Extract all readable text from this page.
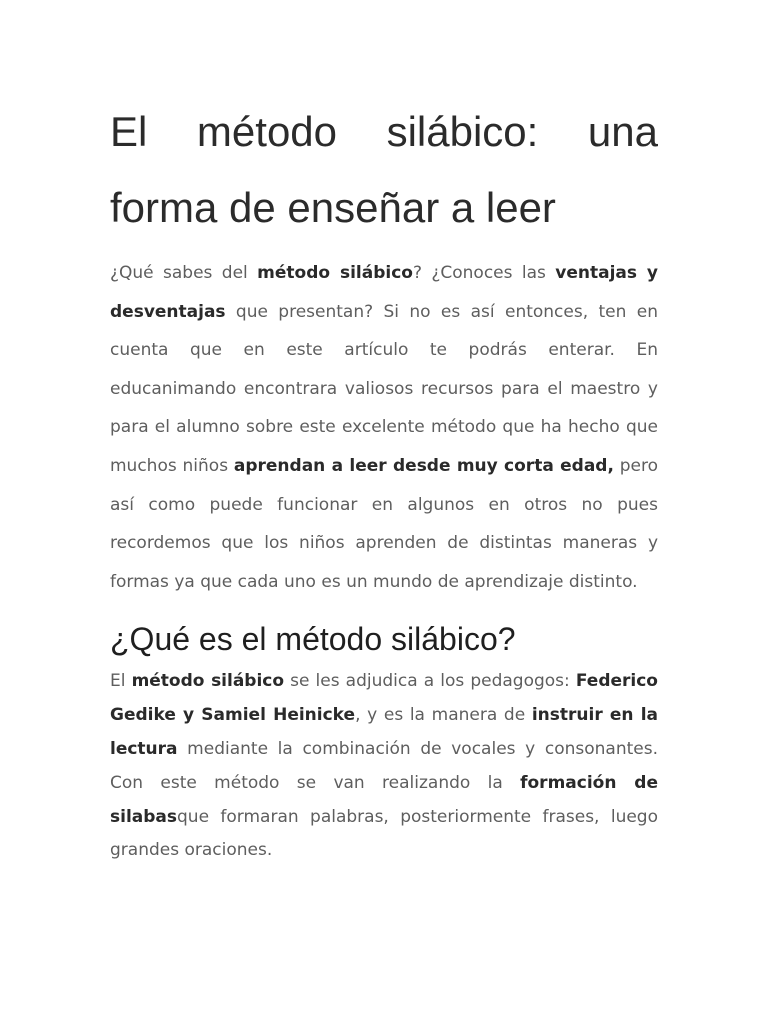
El método silábico: una forma de enseñar a leer

¿Qué sabes del método silábico? ¿Conoces las ventajas y desventajas que presentan? Si no es así entonces, ten en cuenta que en este artículo te podrás enterar. En educanimando encontrara valiosos recursos para el maestro y para el alumno sobre este excelente método que ha hecho que muchos niños aprendan a leer desde muy corta edad, pero así como puede funcionar en algunos en otros no pues recordemos que los niños aprenden de distintas maneras y formas ya que cada uno es un mundo de aprendizaje distinto.

¿Qué es el método silábico?

El método silábico se les adjudica a los pedagogos: Federico Gedike y Samiel Heinicke, y es la manera de instruir en la lectura mediante la combinación de vocales y consonantes. Con este método se van realizando la formación de silabasque formaran palabras, posteriormente frases, luego grandes oraciones.
